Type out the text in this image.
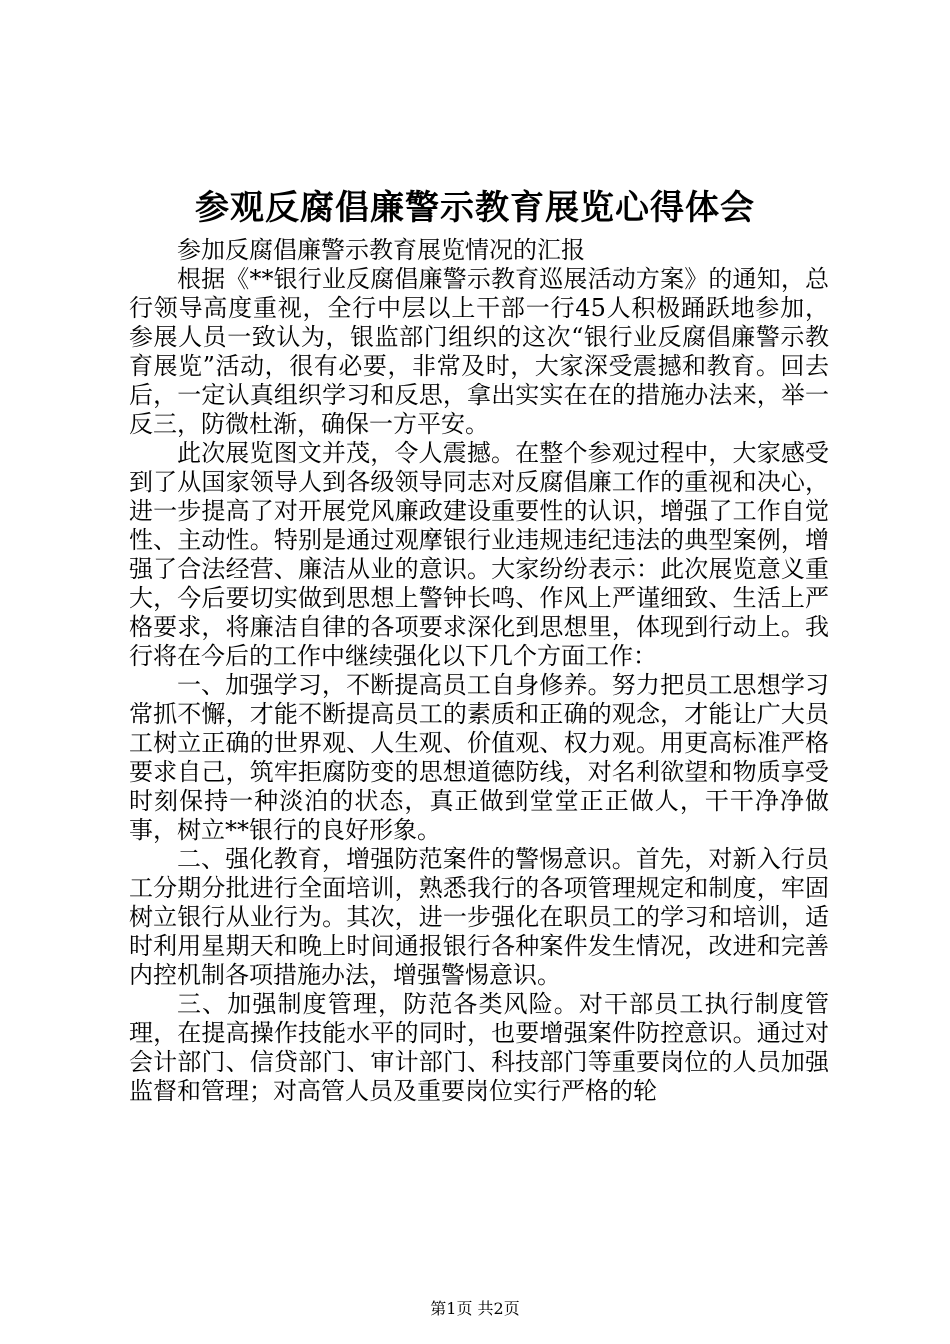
参观反腐倡廉警示教育展览心得体会

参加反腐倡廉警示教育展览情况的汇报

根据《**银行业反腐倡廉警示教育巡展活动方案》的通知，总行领导高度重视，全行中层以上干部一行45人积极踊跃地参加，参展人员一致认为，银监部门组织的这次“银行业反腐倡廉警示教育展览”活动，很有必要，非常及时，大家深受震撼和教育。回去后，一定认真组织学习和反思，拿出实实在在的措施办法来，举一反三，防微杜渐，确保一方平安。

此次展览图文并茂，令人震撼。在整个参观过程中，大家感受到了从国家领导人到各级领导同志对反腐倡廉工作的重视和决心，进一步提高了对开展党风廉政建设重要性的认识，增强了工作自觉性、主动性。特别是通过观摩银行业违规违纪违法的典型案例，增强了合法经营、廉洁从业的意识。大家纷纷表示：此次展览意义重大，今后要切实做到思想上警钟长鸣、作风上严谨细致、生活上严格要求，将廉洁自律的各项要求深化到思想里，体现到行动上。我行将在今后的工作中继续强化以下几个方面工作：

一、加强学习，不断提高员工自身修养。努力把员工思想学习常抓不懈，才能不断提高员工的素质和正确的观念，才能让广大员工树立正确的世界观、人生观、价值观、权力观。用更高标准严格要求自己，筑牢拒腐防变的思想道德防线，对名利欲望和物质享受时刻保持一种淡泊的状态，真正做到堂堂正正做人，干干净净做事，树立**银行的良好形象。

二、强化教育，增强防范案件的警惕意识。首先，对新入行员工分期分批进行全面培训，熟悉我行的各项管理规定和制度，牢固树立银行从业行为。其次，进一步强化在职员工的学习和培训，适时利用星期天和晚上时间通报银行各种案件发生情况，改进和完善内控机制各项措施办法，增强警惕意识。

三、加强制度管理，防范各类风险。对干部员工执行制度管理，在提高操作技能水平的同时，也要增强案件防控意识。通过对会计部门、信贷部门、审计部门、科技部门等重要岗位的人员加强监督和管理；对高管人员及重要岗位实行严格的轮

第1页 共2页
